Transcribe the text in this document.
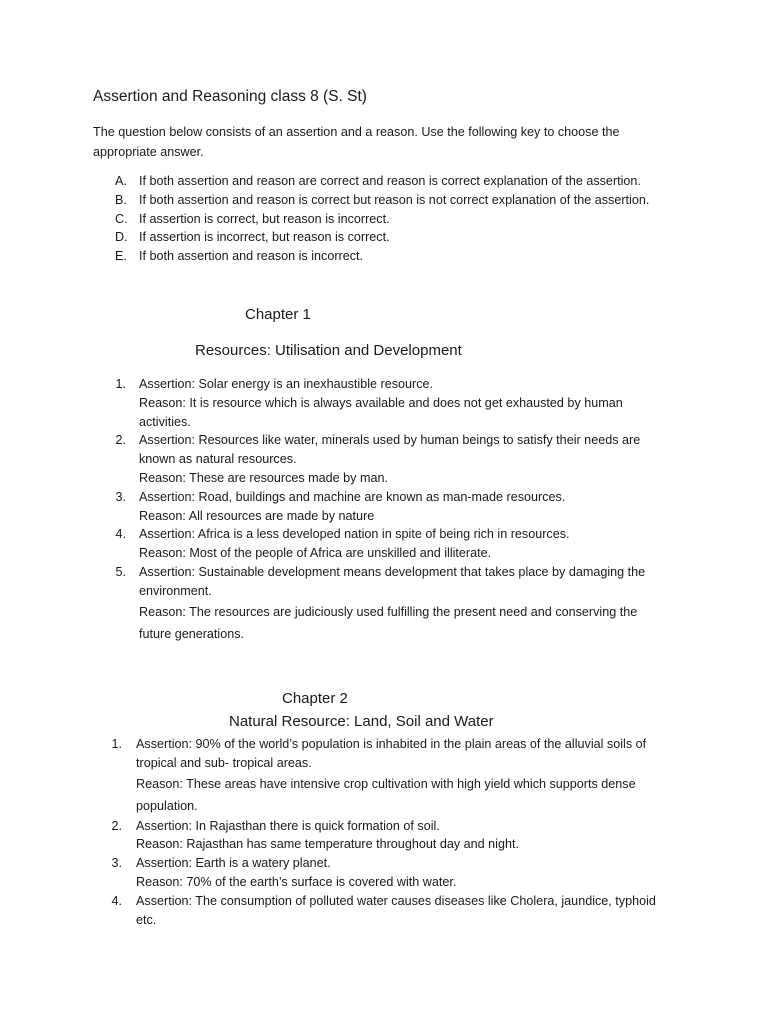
Assertion and Reasoning class 8 (S. St)
The question below consists of an assertion and a reason. Use the following key to choose the appropriate answer.
A. If both assertion and reason are correct and reason is correct explanation of the assertion.
B. If both assertion and reason is correct but reason is not correct explanation of the assertion.
C. If assertion is correct, but reason is incorrect.
D. If assertion is incorrect, but reason is correct.
E. If both assertion and reason is incorrect.
Chapter 1
Resources: Utilisation and Development
1. Assertion: Solar energy is an inexhaustible resource.
Reason: It is resource which is always available and does not get exhausted by human activities.
2. Assertion: Resources like water, minerals used by human beings to satisfy their needs are known as natural resources.
Reason: These are resources made by man.
3. Assertion: Road, buildings and machine are known as man-made resources.
Reason: All resources are made by nature
4. Assertion: Africa is a less developed nation in spite of being rich in resources.
Reason: Most of the people of Africa are unskilled and illiterate.
5. Assertion: Sustainable development means development that takes place by damaging the environment.
Reason: The resources are judiciously used fulfilling the present need and conserving the future generations.
Chapter 2
Natural Resource: Land, Soil and Water
1. Assertion: 90% of the world’s population is inhabited in the plain areas of the alluvial soils of tropical and sub- tropical areas.
Reason: These areas have intensive crop cultivation with high yield which supports dense population.
2. Assertion: In Rajasthan there is quick formation of soil.
Reason: Rajasthan has same temperature throughout day and night.
3. Assertion: Earth is a watery planet.
Reason: 70% of the earth’s surface is covered with water.
4. Assertion: The consumption of polluted water causes diseases like Cholera, jaundice, typhoid etc.
